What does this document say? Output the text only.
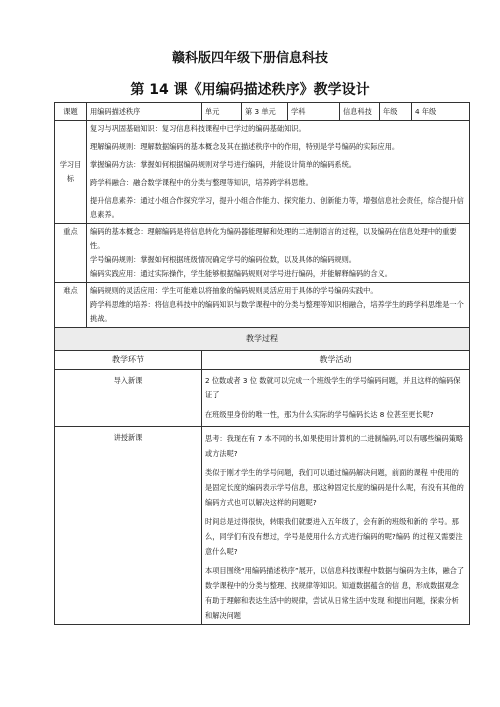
赣科版四年级下册信息科技
第 14 课《用编码描述秩序》教学设计
课题	用编码描述秩序	单元	第 3 单元	学科	信息科技	年级	4 年级
学习目标	复习与巩固基础知识：复习信息科技课程中已学过的编码基础知识。

理解编码规则：理解数据编码的基本概念及其在描述秩序中的作用，特别是学号编码的实际应用。

掌握编码方法：掌握如何根据编码规则对学号进行编码，并能设计简单的编码系统。

跨学科融合：融合数学课程中的分类与整理等知识，培养跨学科思维。

提升信息素养：通过小组合作探究学习，提升小组合作能力、探究能力、创新能力等，增强信息社会责任，综合提升信息素养。						

重点	编码的基本概念：理解编码是将信息转化为编码器能理解和处理的二进制语言的过程，以及编码在信息处理中的重要性。

学号编码规则：掌握如何根据班级情况确定学号的编码位数，以及具体的编码规则。

编码实践应用：通过实际操作，学生能够根据编码规则对学号进行编码，并能解释编码的含义。						

难点	编码规则的灵活应用：学生可能难以将抽象的编码规则灵活应用于具体的学号编码实践中。

跨学科思维的培养：将信息科技中的编码知识与数学课程中的分类与整理等知识相融合，培养学生的跨学科思维是一个挑战。						

教学过程							
教学环节		教学活动					
导入新课		2 位数或者 3 位 数就可以完成一个班级学生的学号编码问题，并且这样的编码保证了

在班级里身份的唯一性，那为什么实际的学号编码长达 8 位甚至更长呢?					

讲授新课		思考：我现在有 7 本不同的书,如果使用计算机的二进制编码,可以有哪些编码策略或方法呢?

类似于刚才学生的学号问题，我们可以通过编码解决问题，前面的课程 中使用的是固定长度的编码表示学号信息，那这种固定长度的编码是什么呢，有没有其他的编码方式也可以解决这样的问题呢?

时间总是过得很快，转眼我们就要进入五年级了，会有新的班级和新的 学号。那么，同学们有没有想过，学号是使用什么方式进行编码的呢?编码 的过程又需要注意什么呢?

本项目围绕“用编码描述秩序”展开，以信息科技课程中数据与编码为主体，融合了数学课程中的分类与整理、找规律等知识。知道数据蕴含的信 息，形成数据观念有助于理解和表达生活中的规律，尝试从日常生活中发现 和提出问题，探索分析和解决问题					
